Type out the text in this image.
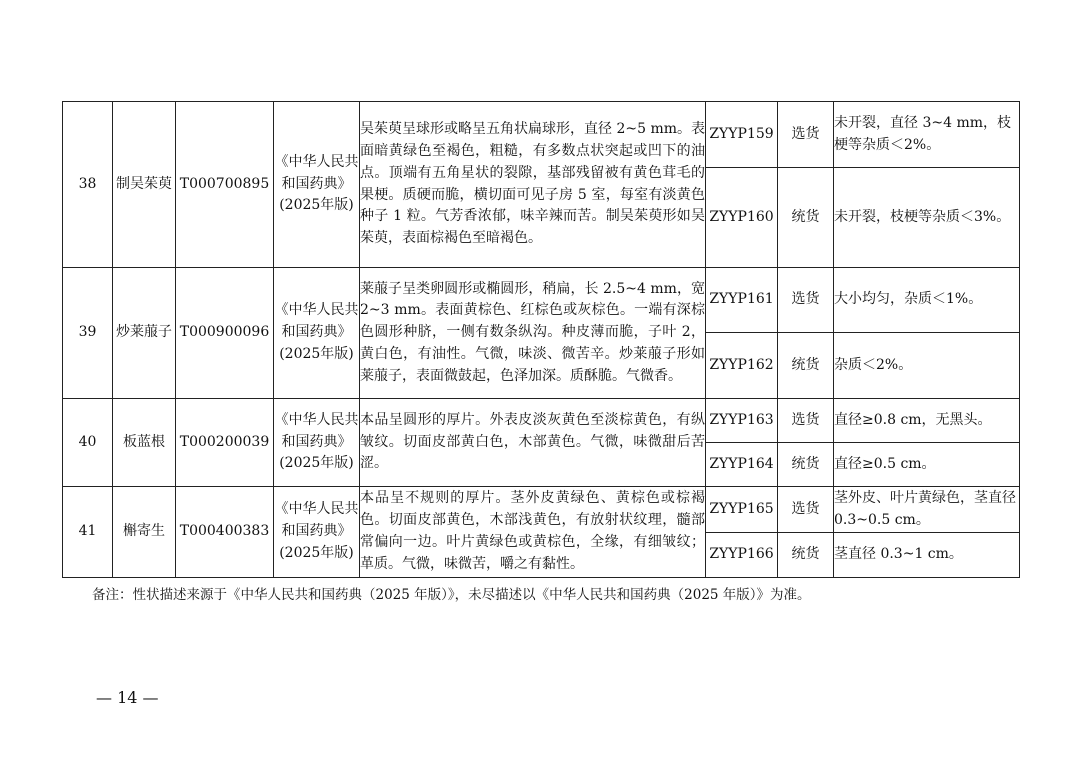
38	制吴茱萸	T000700895	《中华人民共和国药典》(2025年版)	吴茱萸呈球形或略呈五角状扁球形，直径 2~5 mm。表面暗黄绿色至褐色，粗糙，有多数点状突起或凹下的油点。顶端有五角星状的裂隙，基部残留被有黄色茸毛的果梗。质硬而脆，横切面可见子房 5 室，每室有淡黄色种子 1 粒。气芳香浓郁，味辛辣而苦。制吴茱萸形如吴茱萸，表面棕褐色至暗褐色。	ZYYP159	选货	未开裂，直径 3~4 mm，枝梗等杂质＜2%。
					ZYYP160	统货	未开裂，枝梗等杂质＜3%。
39	炒莱菔子	T000900096	《中华人民共和国药典》(2025年版)	莱菔子呈类卵圆形或椭圆形，稍扁，长 2.5~4 mm，宽 2~3 mm。表面黄棕色、红棕色或灰棕色。一端有深棕色圆形种脐，一侧有数条纵沟。种皮薄而脆，子叶 2，黄白色，有油性。气微，味淡、微苦辛。炒莱菔子形如莱菔子，表面微鼓起，色泽加深。质酥脆。气微香。	ZYYP161	选货	大小均匀，杂质＜1%。
					ZYYP162	统货	杂质＜2%。
40	板蓝根	T000200039	《中华人民共和国药典》(2025年版)	本品呈圆形的厚片。外表皮淡灰黄色至淡棕黄色，有纵皱纹。切面皮部黄白色，木部黄色。气微，味微甜后苦涩。	ZYYP163	选货	直径≥0.8 cm，无黑头。
					ZYYP164	统货	直径≥0.5 cm。
41	槲寄生	T000400383	《中华人民共和国药典》(2025年版)	本品呈不规则的厚片。茎外皮黄绿色、黄棕色或棕褐色。切面皮部黄色，木部浅黄色，有放射状纹理，髓部常偏向一边。叶片黄绿色或黄棕色，全缘，有细皱纹；革质。气微，味微苦，嚼之有黏性。	ZYYP165	选货	茎外皮、叶片黄绿色，茎直径 0.3~0.5 cm。
					ZYYP166	统货	茎直径 0.3~1 cm。
备注：性状描述来源于《中华人民共和国药典（2025 年版）》，未尽描述以《中华人民共和国药典（2025 年版）》为准。
— 14 —
